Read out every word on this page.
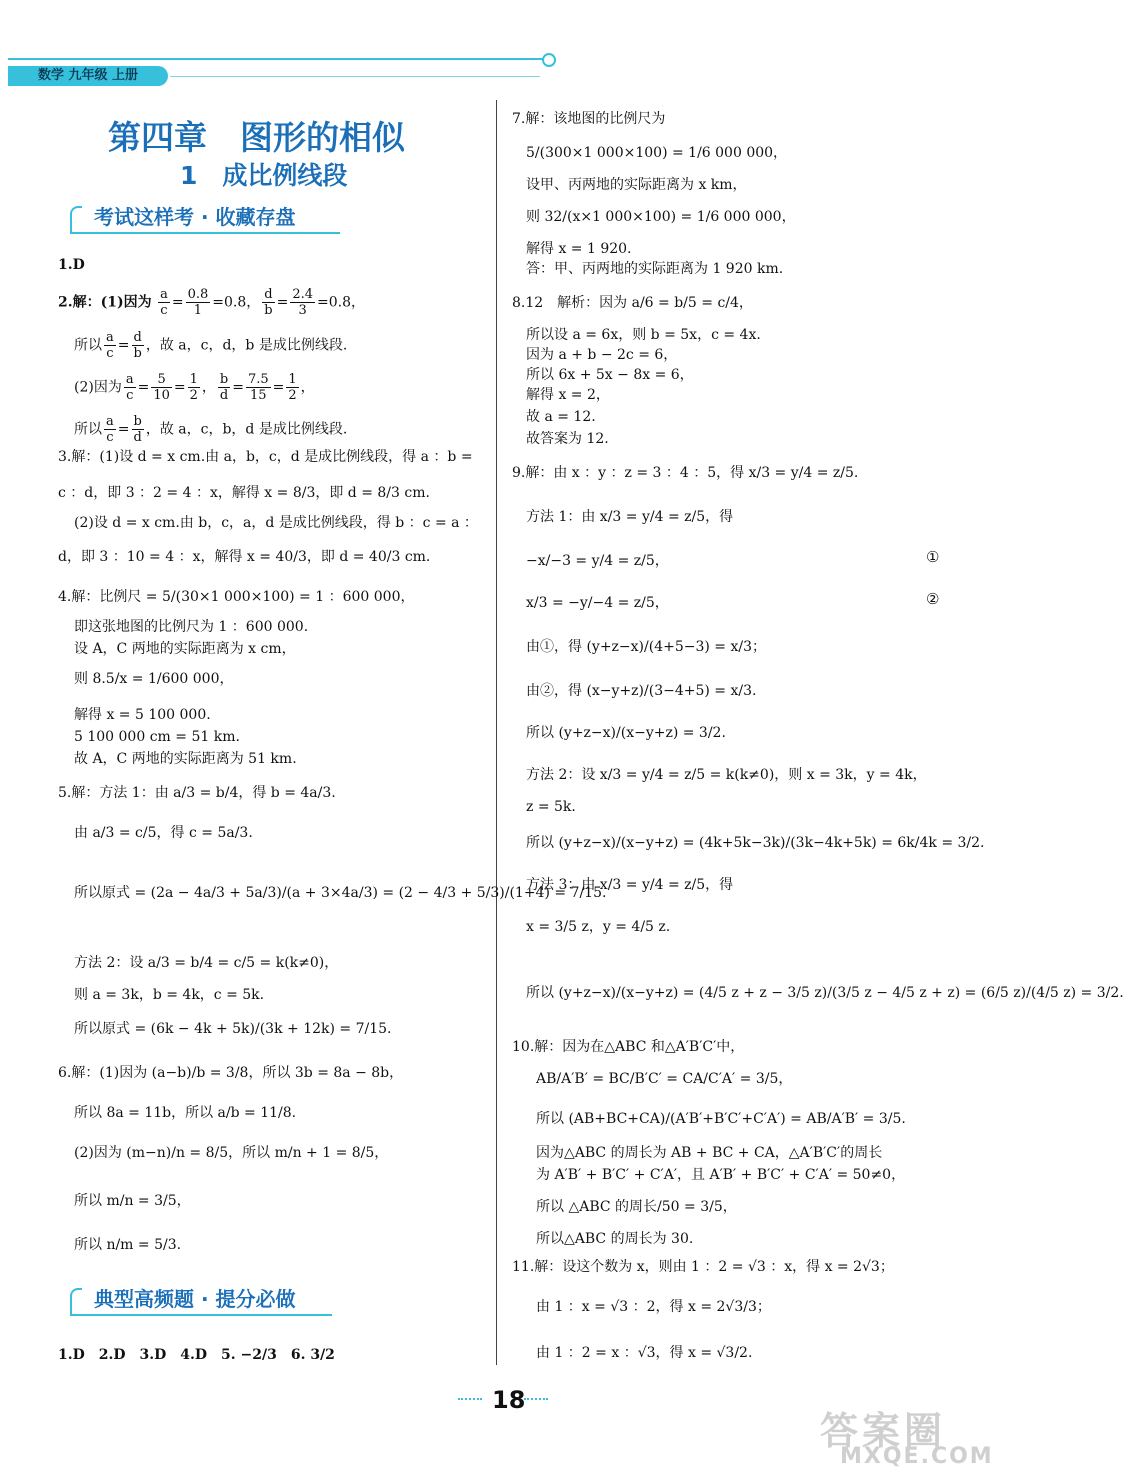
数学 九年级 上册
第四章　图形的相似
1　成比例线段
考试这样考 · 收藏存盘
1.D
2.解：(1)因为 $\frac{a}{c} = \frac{0.8}{1} =0.8$， $\frac{d}{b} = \frac{2.4}{3} =0.8$，
所以 $\frac{a}{c} = \frac{d}{b}$ ，故 a，c，d，b 是成比例线段.
(2)因为 $\frac{a}{c} = \frac{5}{10} = \frac{1}{2}$ ， $\frac{b}{d} = \frac{7.5}{15} = \frac{1}{2}$ ，
所以 $\frac{a}{c} = \frac{b}{d}$ ，故 a，c，b，d 是成比例线段.
3.解：(1)设 d = x cm.由 a，b，c，d 是成比例线段，得 a ：b =
c ：d，即 3 ：2 = 4 ：x，解得 x = 8/3，即 d = 8/3 cm.
(2)设 d = x cm.由 b，c，a，d 是成比例线段，得 b ：c = a ：
d，即 3 ：10 = 4 ：x，解得 x = 40/3，即 d = 40/3 cm.
4.解：比例尺 = 5/(30×1 000×100) = 1 ：600 000，
即这张地图的比例尺为 1 ：600 000.
设 A，C 两地的实际距离为 x cm，
则 8.5/x = 1/600 000，
解得 x = 5 100 000.
5 100 000 cm = 51 km.
故 A，C 两地的实际距离为 51 km.
5.解：方法 1：由 a/3 = b/4，得 b = 4a/3.
由 a/3 = c/5，得 c = 5a/3.
所以原式 = (2a − 4a/3 + 5a/3)/(a + 3×4a/3) = (2 − 4/3 + 5/3)/(1+4) = 7/15.
方法 2：设 a/3 = b/4 = c/5 = k(k≠0)，
则 a = 3k，b = 4k，c = 5k.
所以原式 = (6k − 4k + 5k)/(3k + 12k) = 7/15.
6.解：(1)因为 (a−b)/b = 3/8，所以 3b = 8a − 8b，
所以 8a = 11b，所以 a/b = 11/8.
(2)因为 (m−n)/n = 8/5，所以 m/n + 1 = 8/5，
所以 m/n = 3/5，
所以 n/m = 5/3.
1.D　2.D　3.D　4.D　5. −2/3　6. 3/2
典型高频题 · 提分必做
7.解：该地图的比例尺为
5/(300×1 000×100) = 1/6 000 000，
设甲、丙两地的实际距离为 x km，
则 32/(x×1 000×100) = 1/6 000 000，
解得 x = 1 920.
答：甲、丙两地的实际距离为 1 920 km.
8.12　解析：因为 a/6 = b/5 = c/4，
所以设 a = 6x，则 b = 5x，c = 4x.
因为 a + b − 2c = 6，
所以 6x + 5x − 8x = 6，
解得 x = 2，
故 a = 12.
故答案为 12.
9.解：由 x ：y ：z = 3 ：4 ：5，得 x/3 = y/4 = z/5.
方法 1：由 x/3 = y/4 = z/5，得
−x/−3 = y/4 = z/5，	①
x/3 = −y/−4 = z/5，	②
由①，得 (y+z−x)/(4+5−3) = x/3；
由②，得 (x−y+z)/(3−4+5) = x/3.
所以 (y+z−x)/(x−y+z) = 3/2.
方法 2：设 x/3 = y/4 = z/5 = k(k≠0)，则 x = 3k，y = 4k，
z = 5k.
所以 (y+z−x)/(x−y+z) = (4k+5k−3k)/(3k−4k+5k) = 6k/4k = 3/2.
方法 3：由 x/3 = y/4 = z/5，得
x = 3/5 z，y = 4/5 z.
所以 (y+z−x)/(x−y+z) = (4/5 z + z − 3/5 z)/(3/5 z − 4/5 z + z) = (6/5 z)/(4/5 z) = 3/2.
10.解：因为在△ABC 和△A′B′C′中，
AB/A′B′ = BC/B′C′ = CA/C′A′ = 3/5，
所以 (AB+BC+CA)/(A′B′+B′C′+C′A′) = AB/A′B′ = 3/5.
因为△ABC 的周长为 AB + BC + CA，△A′B′C′的周长
为 A′B′ + B′C′ + C′A′，且 A′B′ + B′C′ + C′A′ = 50≠0，
所以 △ABC 的周长/50 = 3/5，
所以△ABC 的周长为 30.
11.解：设这个数为 x，则由 1 ：2 = √3 ：x，得 x = 2√3；
由 1 ：x = √3 ：2，得 x = 2√3/3；
由 1 ：2 = x ：√3，得 x = √3/2.
18
答案圈
MXQE.COM
